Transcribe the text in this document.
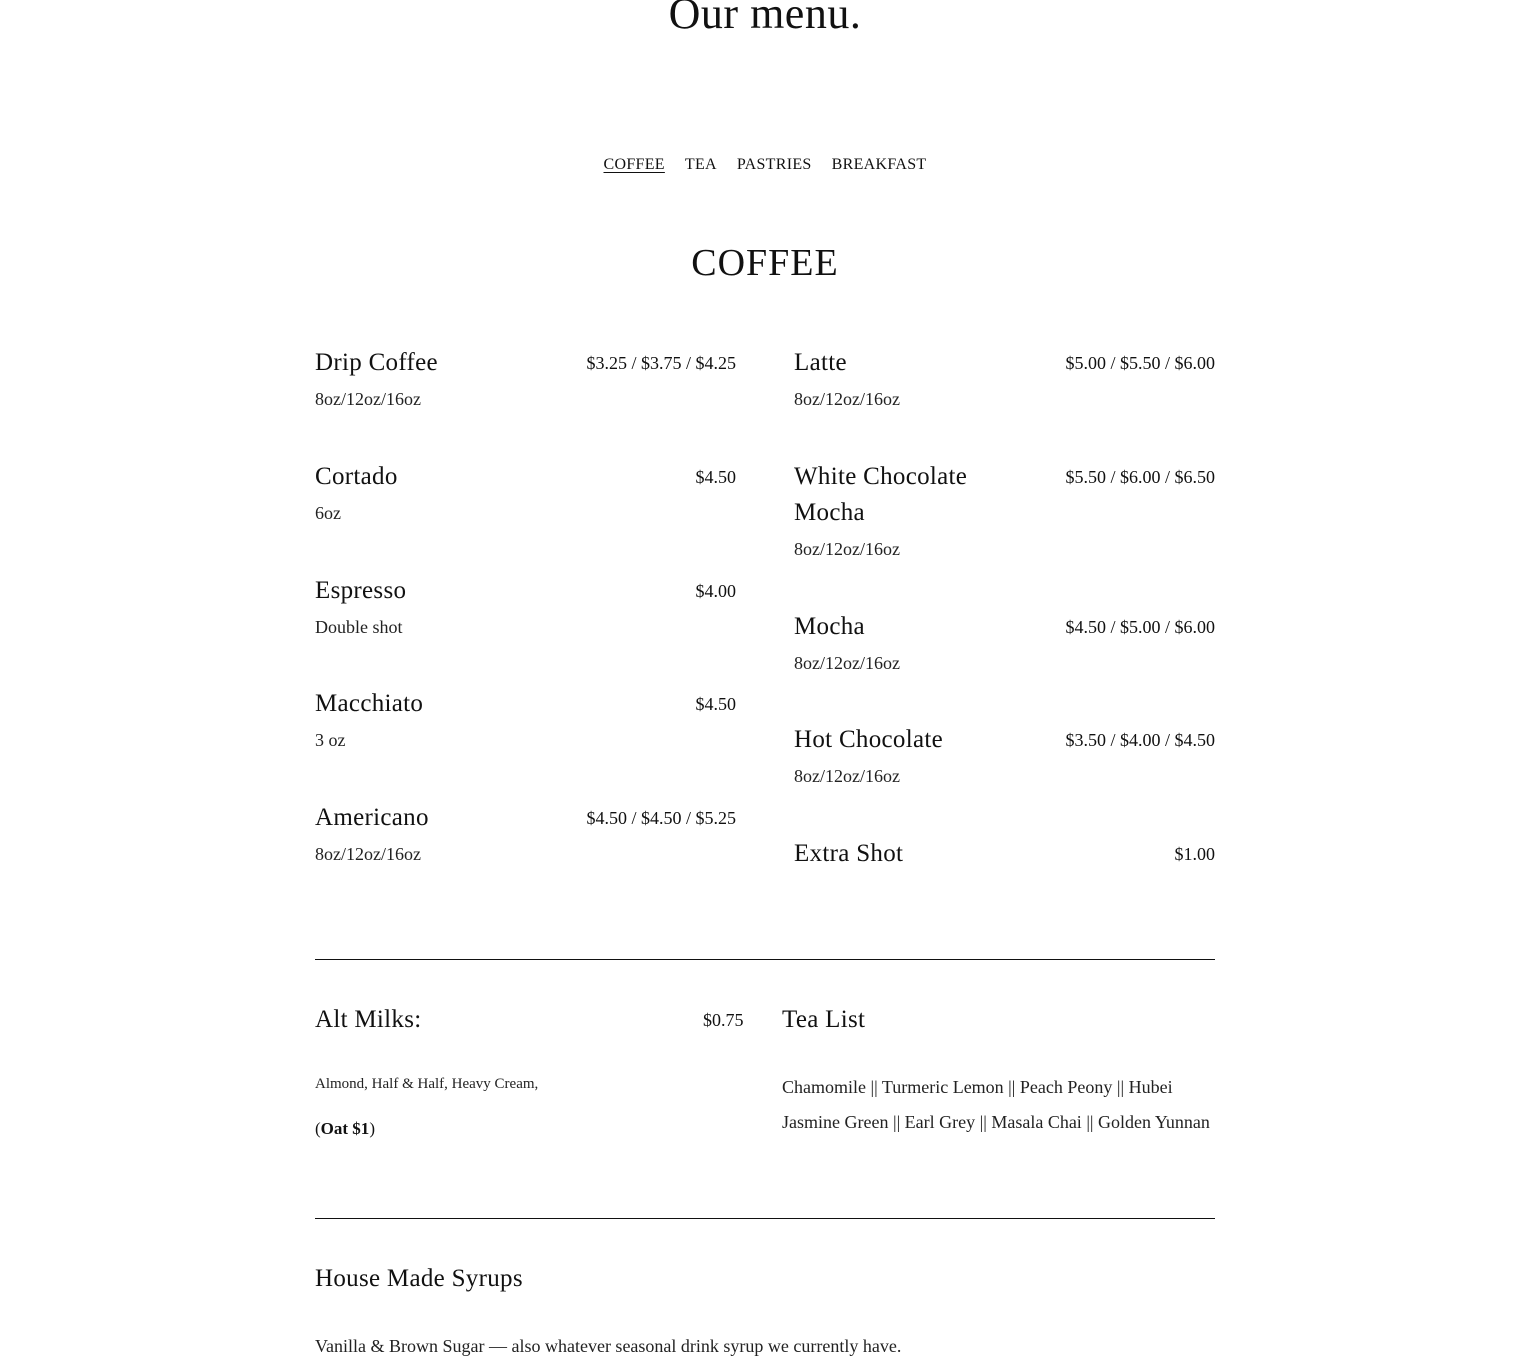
Our menu.
COFFEE TEA PASTRIES BREAKFAST
COFFEE
Drip Coffee	$3.25 / $3.75 / $4.25
8oz/12oz/16oz
Cortado	$4.50
6oz
Espresso	$4.00
Double shot
Macchiato	$4.50
3 oz
Americano	$4.50 / $4.50 / $5.25
8oz/12oz/16oz
Latte	$5.00 / $5.50 / $6.00
8oz/12oz/16oz
White Chocolate Mocha
$5.50 / $6.00 / $6.50
8oz/12oz/16oz
Mocha	$4.50 / $5.00 / $6.00
8oz/12oz/16oz
Hot Chocolate	$3.50 / $4.00 / $4.50
8oz/12oz/16oz
Extra Shot	$1.00
Alt Milks:	$0.75
Almond, Half & Half, Heavy Cream,
(Oat $1)
Tea List
Chamomile || Turmeric Lemon || Peach Peony || Hubei Jasmine Green || Earl Grey || Masala Chai || Golden Yunnan
House Made Syrups
Vanilla & Brown Sugar — also whatever seasonal drink syrup we currently have.
